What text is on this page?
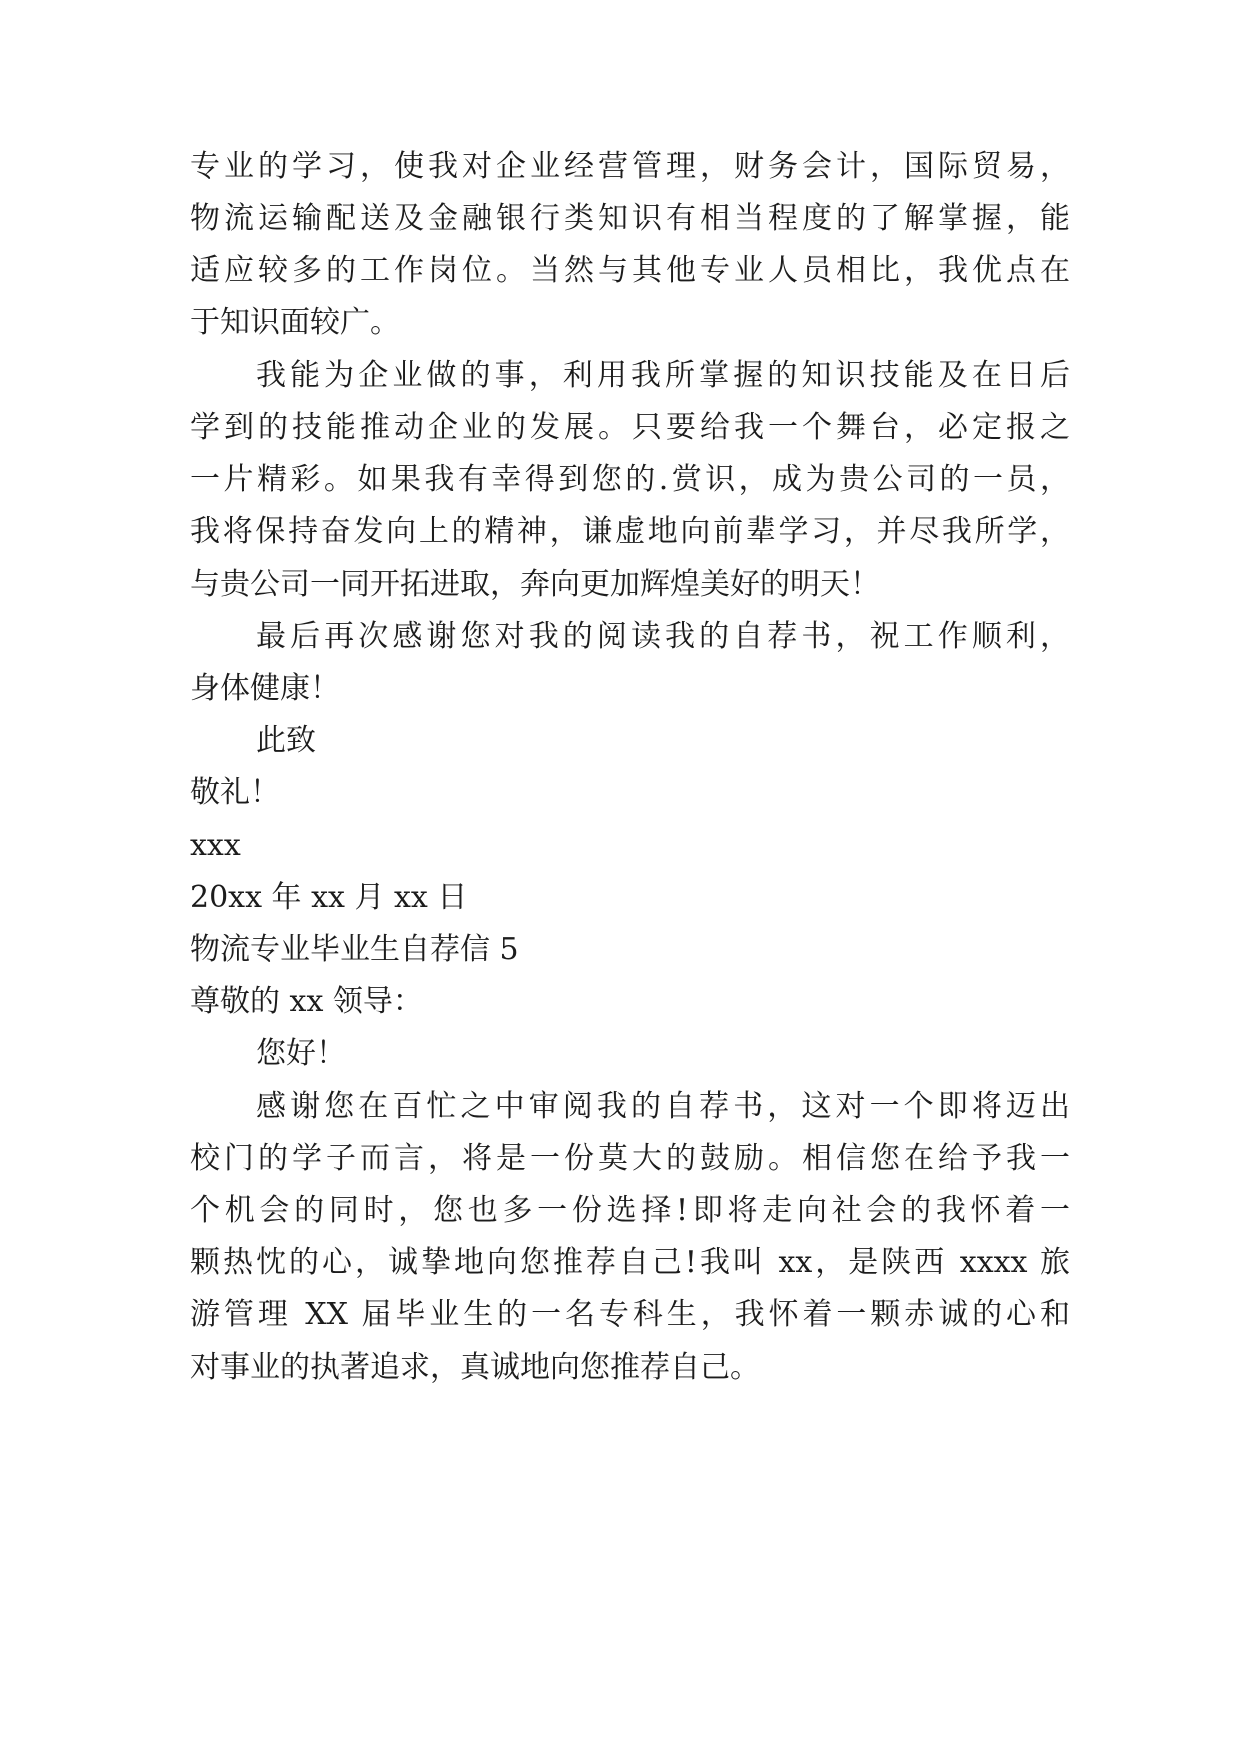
专业的学习，使我对企业经营管理，财务会计，国际贸易，
物流运输配送及金融银行类知识有相当程度的了解掌握，能
适应较多的工作岗位。当然与其他专业人员相比，我优点在
于知识面较广。
我能为企业做的事，利用我所掌握的知识技能及在日后
学到的技能推动企业的发展。只要给我一个舞台，必定报之
一片精彩。如果我有幸得到您的.赏识，成为贵公司的一员，
我将保持奋发向上的精神，谦虚地向前辈学习，并尽我所学，
与贵公司一同开拓进取，奔向更加辉煌美好的明天！
最后再次感谢您对我的阅读我的自荐书，祝工作顺利，
身体健康！
此致
敬礼！
xxx
20xx 年 xx 月 xx 日
物流专业毕业生自荐信 5
尊敬的 xx 领导：
您好！
感谢您在百忙之中审阅我的自荐书，这对一个即将迈出
校门的学子而言，将是一份莫大的鼓励。相信您在给予我一
个机会的同时，您也多一份选择!即将走向社会的我怀着一
颗热忱的心，诚挚地向您推荐自己!我叫 xx，是陕西 xxxx 旅
游管理 XX 届毕业生的一名专科生，我怀着一颗赤诚的心和
对事业的执著追求，真诚地向您推荐自己。
